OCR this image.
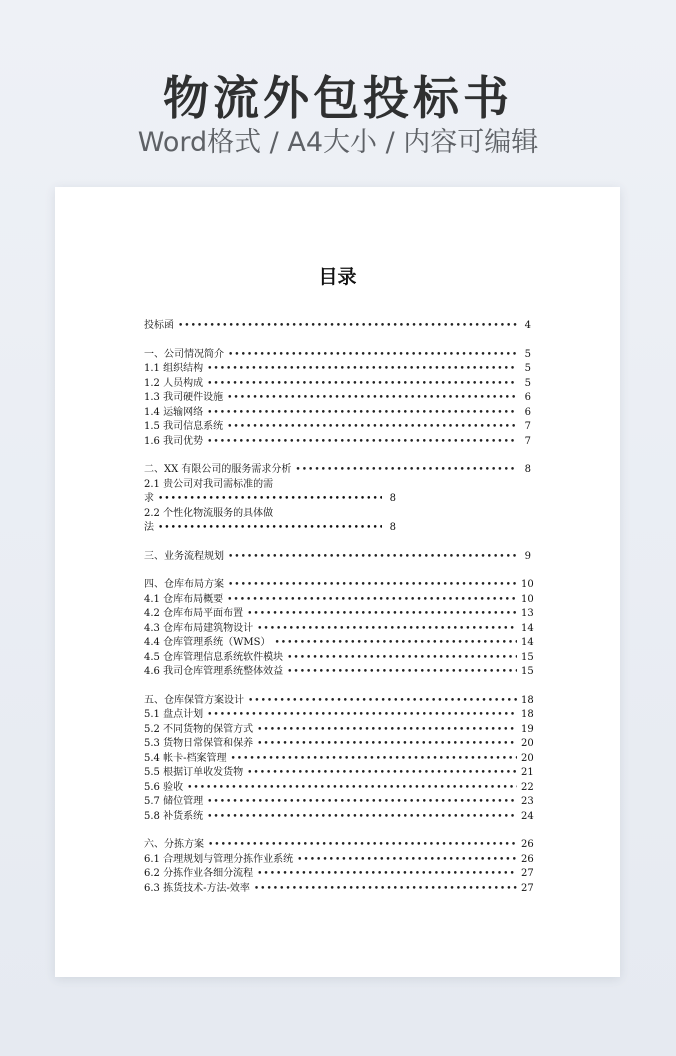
物流外包投标书
Word格式 / A4大小 / 内容可编辑
目录
投标函 •••••	4
一、公司情况简介 •••••	5
1.1 组织结构 •••••	5
1.2 人员构成 •••••	5
1.3 我司硬件设施 •••••	6
1.4 运输网络 •••••	6
1.5 我司信息系统 •••••	7
1.6 我司优势 •••••	7
二、XX 有限公司的服务需求分析 •••••	8
2.1 贵公司对我司需标准的需
求 •••••	8
2.2 个性化物流服务的具体做
法 •••••	8
三、业务流程规划 •••••	9
四、仓库布局方案 •••••	10
4.1 仓库布局概要 •••••	10
4.2 仓库布局平面布置 •••••	13
4.3 仓库布局建筑物设计 •••••	14
4.4 仓库管理系统（WMS） •••••	14
4.5 仓库管理信息系统软件模块 •••••	15
4.6 我司仓库管理系统整体效益 •••••	15
五、仓库保管方案设计 •••••	18
5.1 盘点计划 •••••	18
5.2 不同货物的保管方式 •••••	19
5.3 货物日常保管和保养 •••••	20
5.4 帐卡-档案管理 •••••	20
5.5 根据订单收发货物 •••••	21
5.6 验收 •••••	22
5.7 储位管理 •••••	23
5.8 补货系统 •••••	24
六、分拣方案 •••••	26
6.1 合理规划与管理分拣作业系统 •••••	26
6.2 分拣作业各细分流程 •••••	27
6.3 拣货技术-方法-效率 •••••	27
